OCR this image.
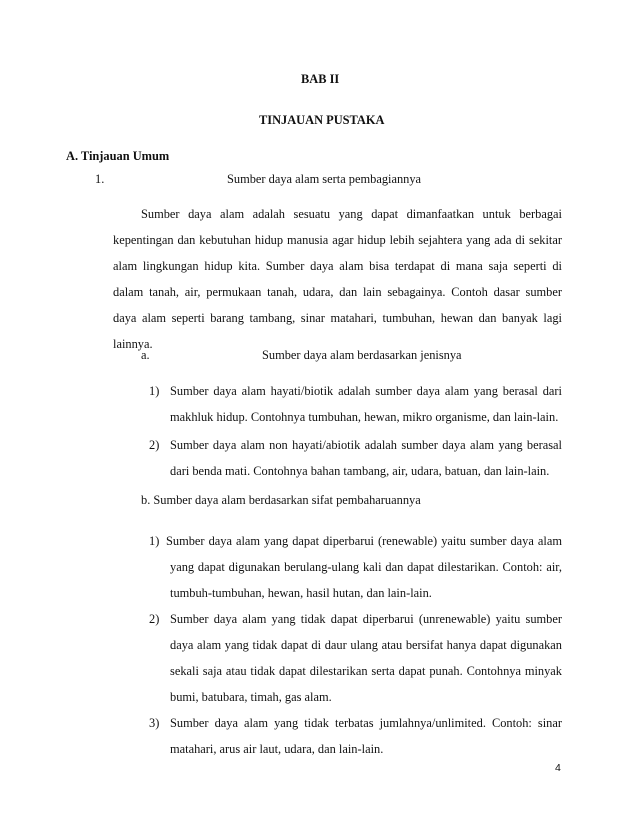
BAB II
TINJAUAN PUSTAKA
A. Tinjauan Umum
1.	Sumber daya alam serta pembagiannya
Sumber daya alam adalah sesuatu yang dapat dimanfaatkan untuk berbagai
kepentingan dan kebutuhan hidup manusia agar hidup lebih sejahtera yang ada di sekitar
alam lingkungan hidup kita. Sumber daya alam bisa terdapat di mana saja seperti di
dalam tanah, air, permukaan tanah, udara, dan lain sebagainya. Contoh dasar sumber
daya alam seperti barang tambang, sinar matahari, tumbuhan, hewan dan banyak lagi
lainnya.
a.	Sumber daya alam berdasarkan jenisnya
1) Sumber daya alam hayati/biotik adalah sumber daya alam yang berasal dari
makhluk hidup. Contohnya tumbuhan, hewan, mikro organisme, dan lain-lain.
2) Sumber daya alam non hayati/abiotik adalah sumber daya alam yang berasal
dari benda mati. Contohnya bahan tambang, air, udara, batuan, dan lain-lain.
b. Sumber daya alam berdasarkan sifat pembaharuannya
1) Sumber daya alam yang dapat diperbarui (renewable) yaitu sumber daya alam
yang dapat digunakan berulang-ulang kali dan dapat dilestarikan. Contoh: air,
tumbuh-tumbuhan, hewan, hasil hutan, dan lain-lain.
2) Sumber daya alam yang tidak dapat diperbarui (unrenewable) yaitu sumber
daya alam yang tidak dapat di daur ulang atau bersifat hanya dapat digunakan
sekali saja atau tidak dapat dilestarikan serta dapat punah. Contohnya minyak
bumi, batubara, timah, gas alam.
3) Sumber daya alam yang tidak terbatas jumlahnya/unlimited. Contoh: sinar
matahari, arus air laut, udara, dan lain-lain.
4
